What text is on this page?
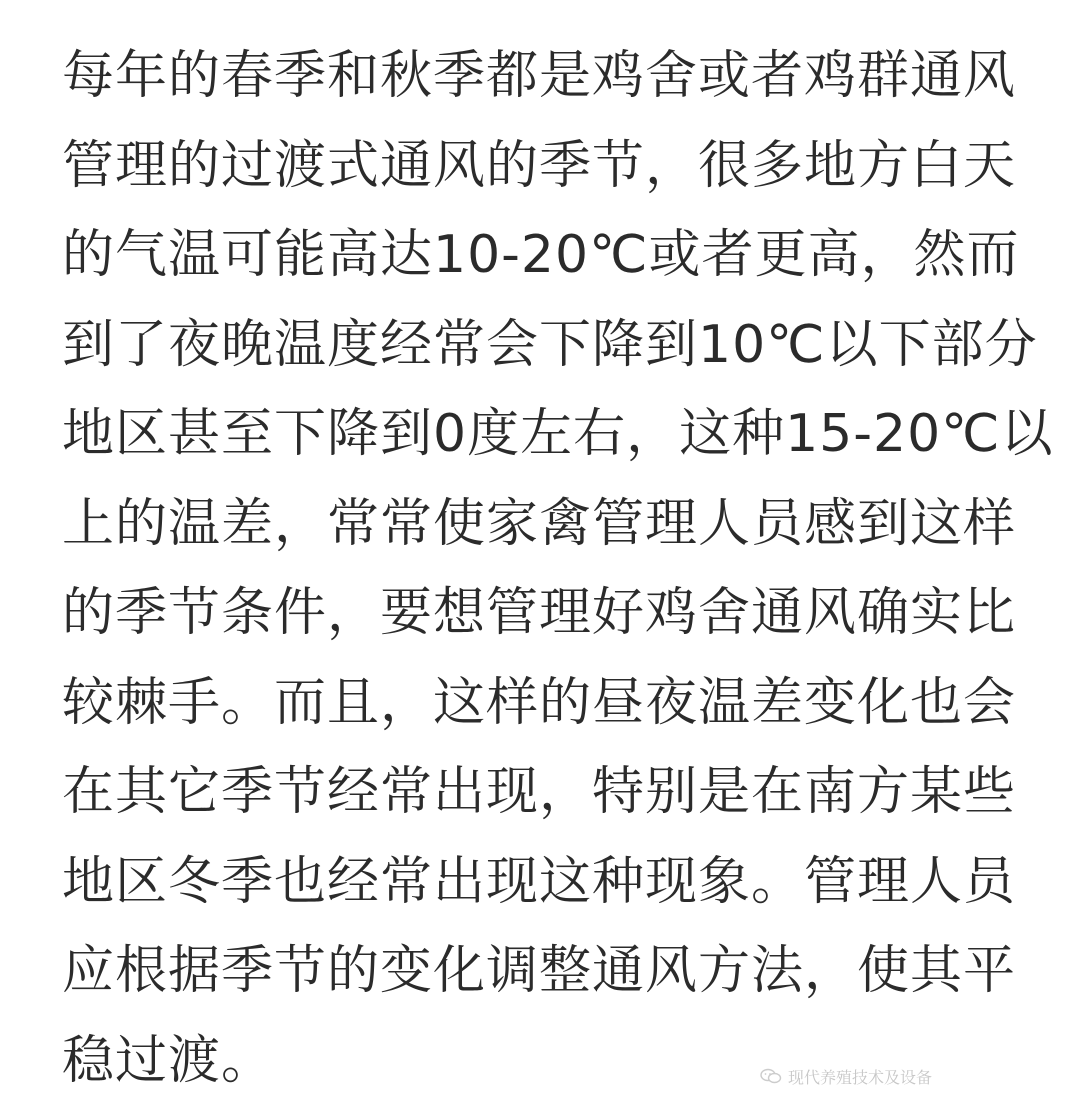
每年的春季和秋季都是鸡舍或者鸡群通风
管理的过渡式通风的季节，很多地方白天
的气温可能高达10-20℃或者更高，然而
到了夜晚温度经常会下降到10℃以下部分
地区甚至下降到0度左右，这种15-20℃以
上的温差，常常使家禽管理人员感到这样
的季节条件，要想管理好鸡舍通风确实比
较棘手。而且，这样的昼夜温差变化也会
在其它季节经常出现，特别是在南方某些
地区冬季也经常出现这种现象。管理人员
应根据季节的变化调整通风方法，使其平
稳过渡。	现代养殖技术及设备
